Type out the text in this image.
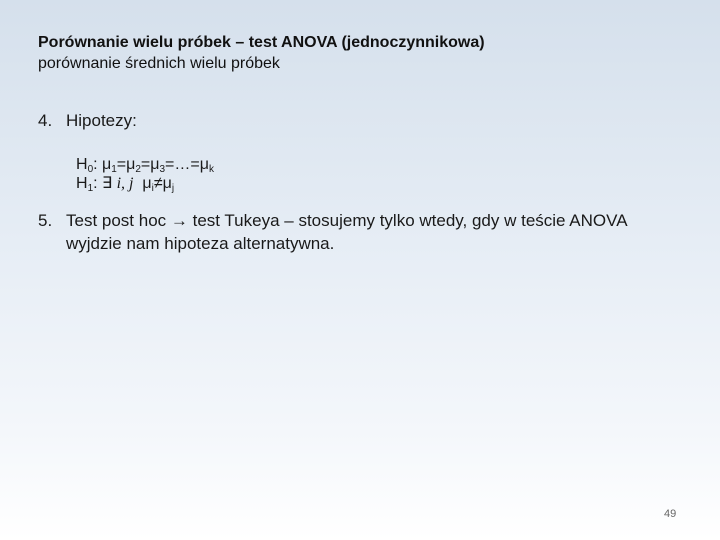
Porównanie wielu próbek – test ANOVA (jednoczynnikowa)
porównanie średnich wielu próbek
4. Hipotezy:
$H_0$: $\mu_1=\mu_2=\mu_3=\dots=\mu_k$
$H_1$: ∃ i, j  $\mu_i\ne\mu_j$
5. Test post hoc → test Tukeya – stosujemy tylko wtedy, gdy w teście ANOVA wyjdzie nam hipoteza alternatywna.
49
